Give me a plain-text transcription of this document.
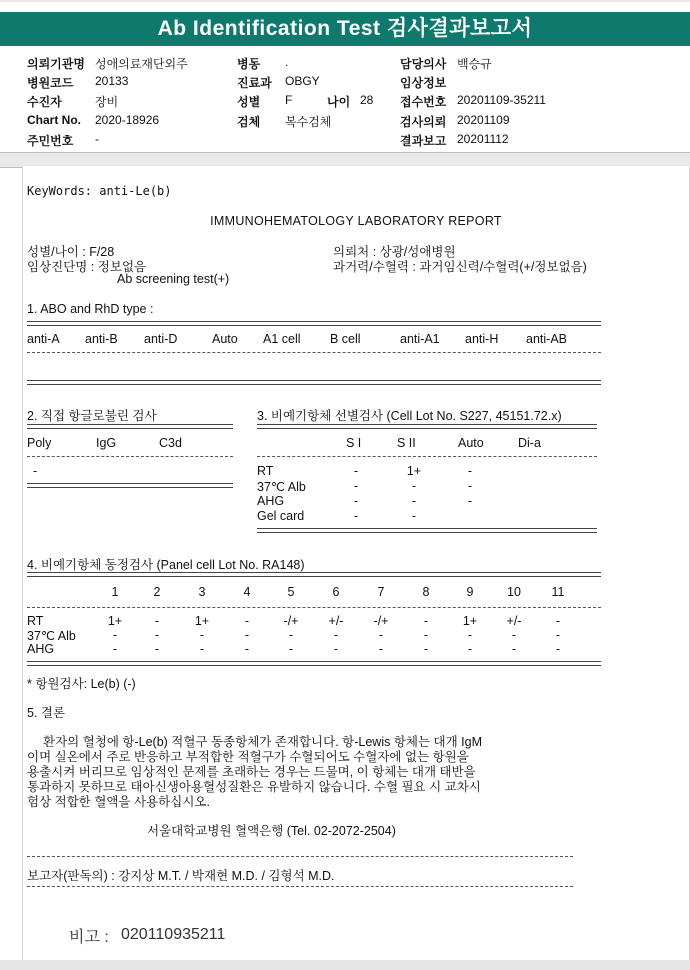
Ab Identification Test 검사결과보고서
의뢰기관명 성애의료재단외주
병원코드 20133
수진자	장비
Chart No. 2020-18926
주민번호 -
병동 .
진료과 OBGY
성별 F	나이 28
검체 복수검체
담당의사 백승규
임상정보
접수번호 20201109-35211
검사의뢰 20201109
결과보고 20201112
KeyWords: anti-Le(b)
IMMUNOHEMATOLOGY LABORATORY REPORT
성별/나이 : F/28
임상진단명 : 정보없음
Ab screening test(+)
의뢰처 : 상광/성애병원
과거력/수혈력 : 과거임신력/수혈력(+/정보없음)
1. ABO and RhD type :
anti-A anti-B anti-D	Auto A1 cell B cell	anti-A1 anti-H anti-AB
2. 직접 항글로불린 검사
Poly	IgG	C3d
-
3. 비예기항체 선별검사 (Cell Lot No. S227, 45151.72.x)
S I	S II	Auto	Di-a
RT	-	1+	-
37℃ Alb	-	-	-
AHG	-	-	-
Gel card	-	-
4. 비예기항체 동정검사 (Panel cell Lot No. RA148)
1	2	3	4	5	6	7	8	9	10	11
RT	1+	-	1+	-	-/+	+/-	-/+	-	1+	+/-	-
37℃ Alb	-	-	-	-	-	-	-	-	-	-	-
AHG	-	-	-	-	-	-	-	-	-	-	-
* 항원검사: Le(b) (-)
5. 결론
환자의 혈청에 항-Le(b) 적혈구 동종항체가 존재합니다. 항-Lewis 항체는 대개 IgM
이며 실온에서 주로 반응하고 부적합한 적혈구가 수혈되어도 수혈자에 없는 항원을
용출시켜 버리므로 임상적인 문제를 초래하는 경우는 드물며, 이 항체는 대개 태반을
통과하지 못하므로 태아신생아용혈성질환은 유발하지 않습니다. 수혈 필요 시 교차시
험상 적합한 혈액을 사용하십시오.
서울대학교병원 혈액은행 (Tel. 02-2072-2504)
보고자(판독의) : 강지상 M.T. / 박재현 M.D. / 김형석 M.D.
비고 : 020110935211
